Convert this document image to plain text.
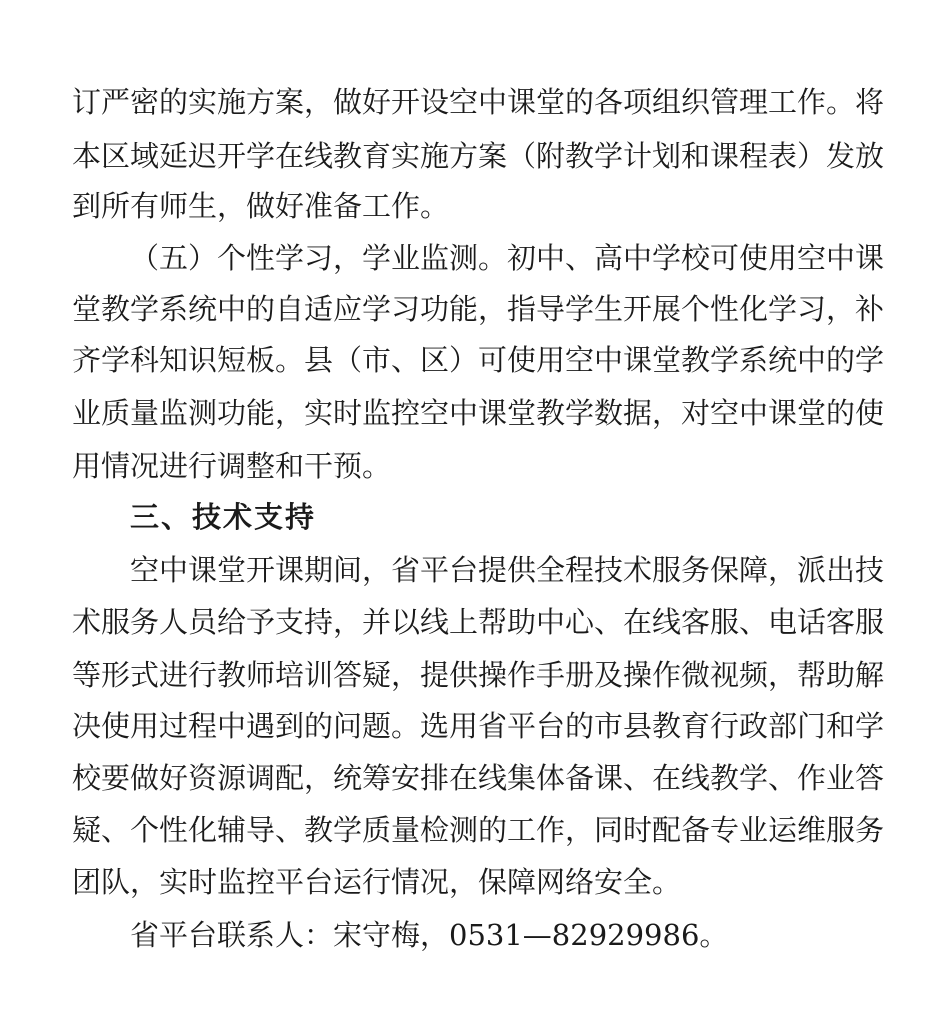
订严密的实施方案，做好开设空中课堂的各项组织管理工作。将
本区域延迟开学在线教育实施方案（附教学计划和课程表）发放
到所有师生，做好准备工作。
（五）个性学习，学业监测。初中、高中学校可使用空中课
堂教学系统中的自适应学习功能，指导学生开展个性化学习，补
齐学科知识短板。县（市、区）可使用空中课堂教学系统中的学
业质量监测功能，实时监控空中课堂教学数据，对空中课堂的使
用情况进行调整和干预。
三、技术支持
空中课堂开课期间，省平台提供全程技术服务保障，派出技
术服务人员给予支持，并以线上帮助中心、在线客服、电话客服
等形式进行教师培训答疑，提供操作手册及操作微视频，帮助解
决使用过程中遇到的问题。选用省平台的市县教育行政部门和学
校要做好资源调配，统筹安排在线集体备课、在线教学、作业答
疑、个性化辅导、教学质量检测的工作，同时配备专业运维服务
团队，实时监控平台运行情况，保障网络安全。
省平台联系人：宋守梅，0531—82929986。
